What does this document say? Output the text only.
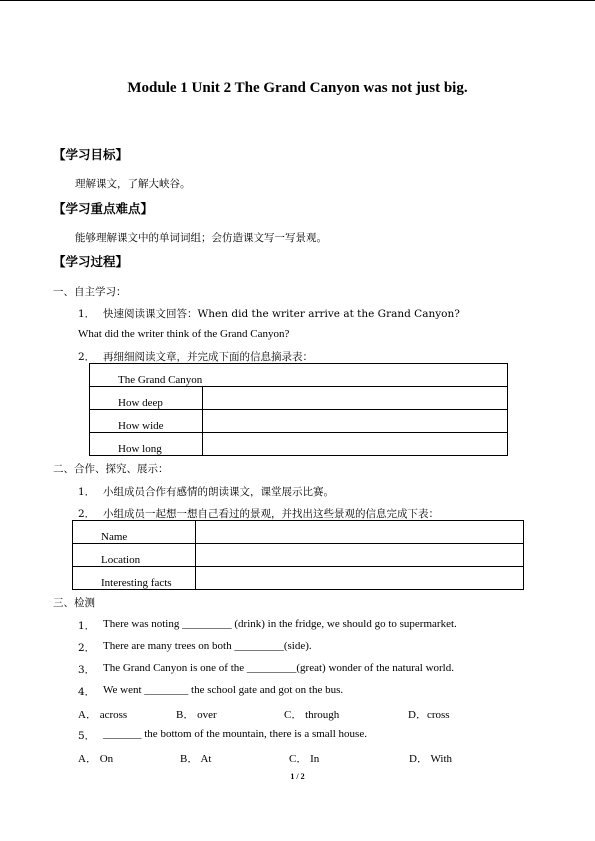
Module 1 Unit 2 The Grand Canyon was not just big.
【学习目标】
理解课文，了解大峡谷。
【学习重点难点】
能够理解课文中的单词词组；会仿造课文写一写景观。
【学习过程】
一、自主学习：
1． 快速阅读课文回答：When did the writer arrive at the Grand Canyon?
What did the writer think of the Grand Canyon?
2． 再细细阅读文章，并完成下面的信息摘录表：
The Grand Canyon	
How deep	
How wide	
How long	
二、合作、探究、展示：
1． 小组成员合作有感情的朗读课文，课堂展示比赛。
2． 小组成员一起想一想自己看过的景观，并找出这些景观的信息完成下表：
Name	
Location	
Interesting facts	
三、检测
1． There was noting _________ (drink) in the fridge, we should go to supermarket.
2． There are many trees on both _________(side).
3． The Grand Canyon is one of the _________(great) wonder of the natural world.
4． We went ________ the school gate and got on the bus.
A． across	B． over	C． through	D．cross
5． _______ the bottom of the mountain, there is a small house.
A． On	B． At	C． In	D． With
1 / 2
